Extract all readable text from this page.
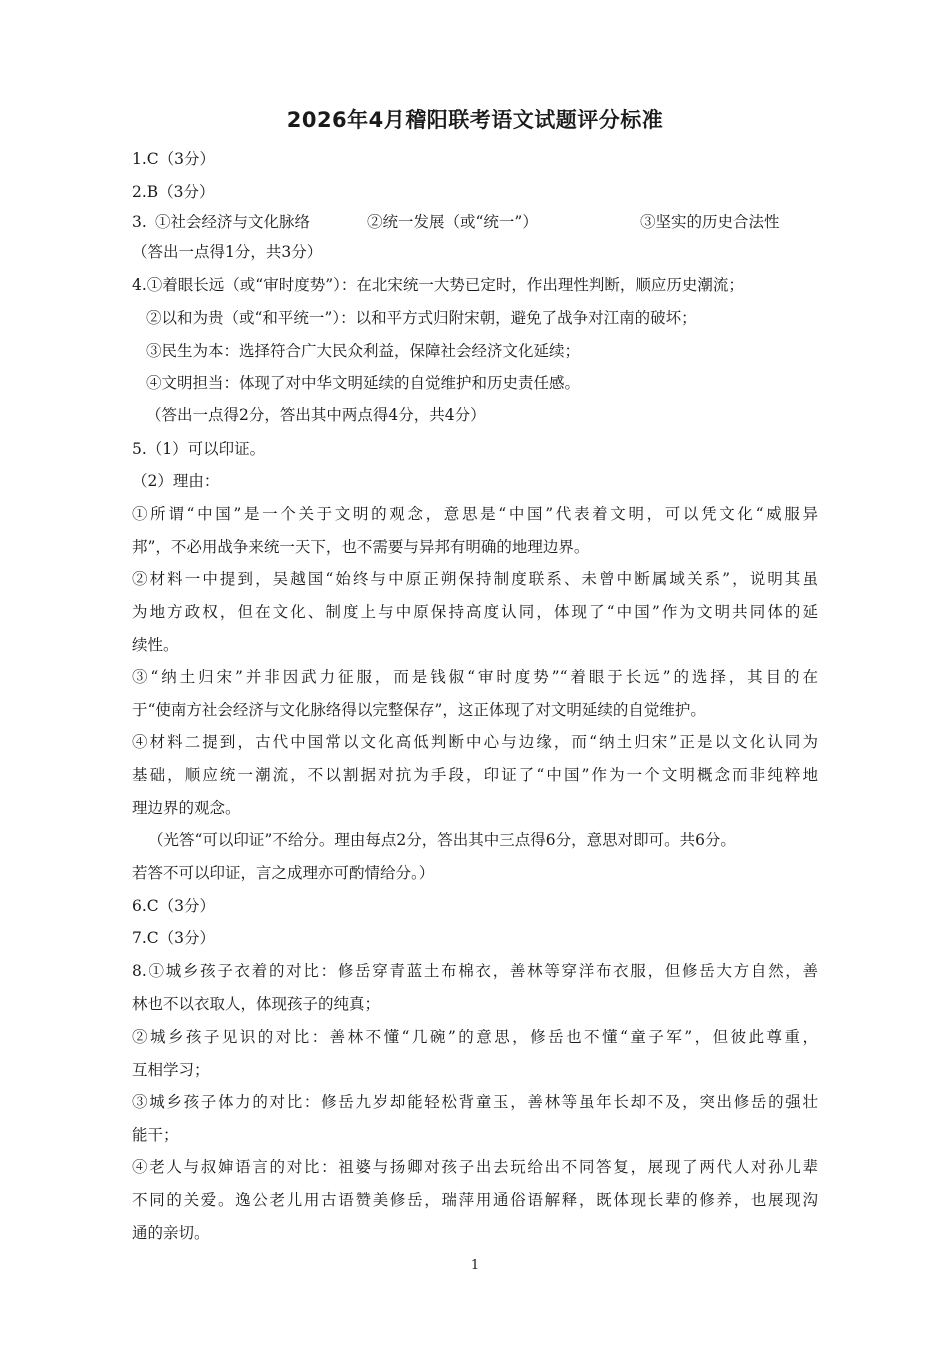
2026年4月稽阳联考语文试题评分标准
1.C（3分）
2.B（3分）
3. ①社会经济与文化脉络	②统一发展（或“统一”）	③坚实的历史合法性
（答出一点得1分，共3分）
4.①着眼长远（或“审时度势”）：在北宋统一大势已定时，作出理性判断，顺应历史潮流；
②以和为贵（或“和平统一”）：以和平方式归附宋朝，避免了战争对江南的破坏；
③民生为本：选择符合广大民众利益，保障社会经济文化延续；
④文明担当：体现了对中华文明延续的自觉维护和历史责任感。
（答出一点得2分，答出其中两点得4分，共4分）
5.（1）可以印证。
（2）理由：
①所谓“中国”是一个关于文明的观念，意思是“中国”代表着文明，可以凭文化“威服异
邦”，不必用战争来统一天下，也不需要与异邦有明确的地理边界。
②材料一中提到，吴越国“始终与中原正朔保持制度联系、未曾中断属域关系”，说明其虽
为地方政权，但在文化、制度上与中原保持高度认同，体现了“中国”作为文明共同体的延
续性。
③“纳土归宋”并非因武力征服，而是钱俶“审时度势”“着眼于长远”的选择，其目的在
于“使南方社会经济与文化脉络得以完整保存”，这正体现了对文明延续的自觉维护。
④材料二提到，古代中国常以文化高低判断中心与边缘，而“纳土归宋”正是以文化认同为
基础，顺应统一潮流，不以割据对抗为手段，印证了“中国”作为一个文明概念而非纯粹地
理边界的观念。
（光答“可以印证”不给分。理由每点2分，答出其中三点得6分，意思对即可。共6分。
若答不可以印证，言之成理亦可酌情给分。）
6.C（3分）
7.C（3分）
8.①城乡孩子衣着的对比：修岳穿青蓝土布棉衣，善林等穿洋布衣服，但修岳大方自然，善
林也不以衣取人，体现孩子的纯真；
②城乡孩子见识的对比：善林不懂“几碗”的意思，修岳也不懂“童子军”，但彼此尊重，
互相学习；
③城乡孩子体力的对比：修岳九岁却能轻松背童玉，善林等虽年长却不及，突出修岳的强壮
能干；
④老人与叔婶语言的对比：祖婆与扬卿对孩子出去玩给出不同答复，展现了两代人对孙儿辈
不同的关爱。逸公老儿用古语赞美修岳，瑞萍用通俗语解释，既体现长辈的修养，也展现沟
通的亲切。
1
